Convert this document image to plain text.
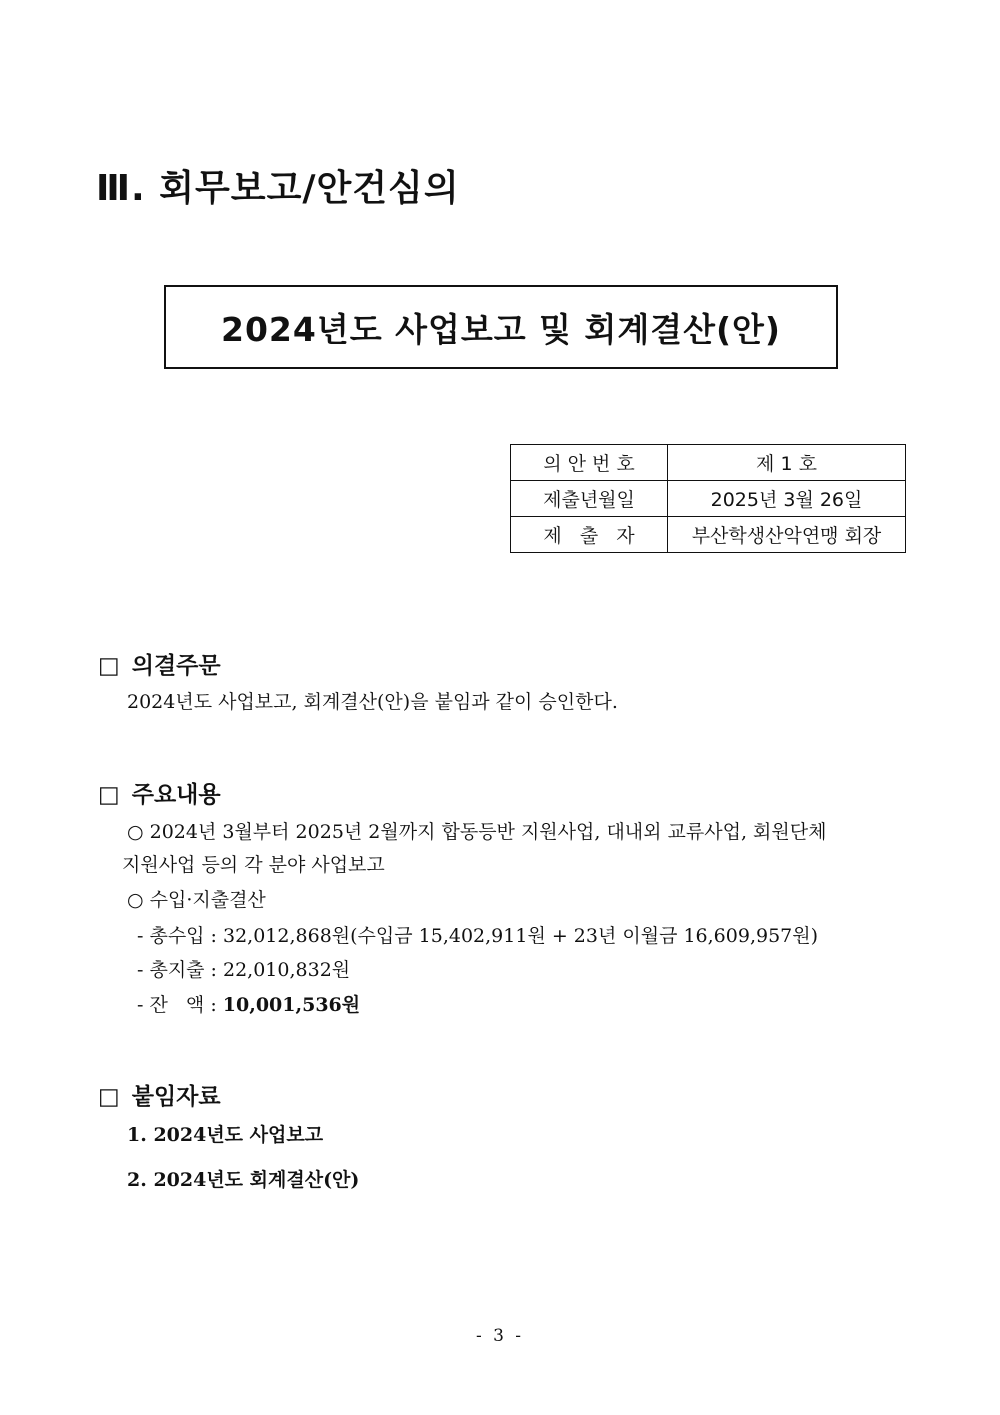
Ⅲ. 회무보고/안건심의
2024년도 사업보고 및 회계결산(안)
의 안 번 호	제 1 호
제출년월일	2025년 3월 26일
제   출   자	부산학생산악연맹 회장
□ 의결주문
2024년도 사업보고, 회계결산(안)을 붙임과 같이 승인한다.
□ 주요내용
○ 2024년 3월부터 2025년 2월까지 합동등반 지원사업, 대내외 교류사업, 회원단체
지원사업 등의 각 분야 사업보고
○ 수입·지출결산
- 총수입 : 32,012,868원(수입금 15,402,911원 + 23년 이월금 16,609,957원)
- 총지출 : 22,010,832원
- 잔   액 : 10,001,536원
□ 붙임자료
1. 2024년도 사업보고
2. 2024년도 회계결산(안)
- 3 -
